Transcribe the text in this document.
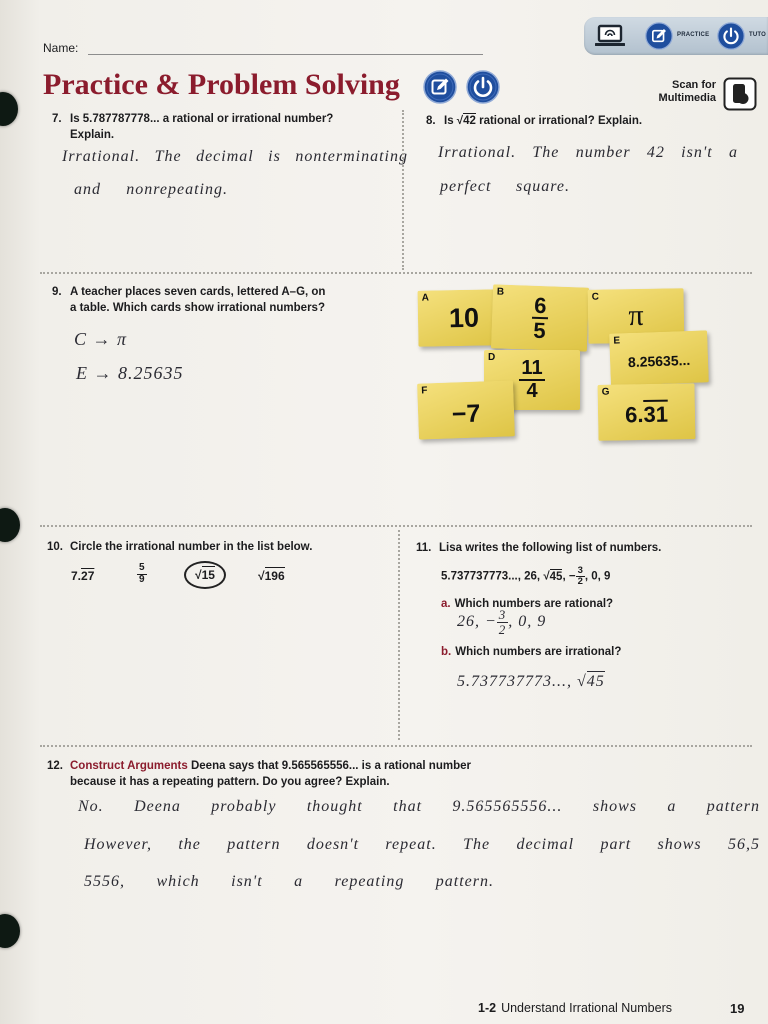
Name:
PRACTICE	TUTO
Practice & Problem Solving	Scan for
Multimedia
7. Is 5.787787778... a rational or irrational number?
Explain.
Irrational. The decimal is nonterminating
and nonrepeating.
8. Is √42 rational or irrational? Explain.
Irrational. The number 42 isn't a
perfect square.
9. A teacher places seven cards, lettered A–G, on
a table. Which cards show irrational numbers?
C → π
E → 8.25635
A
10
B
$\frac{6}{5}$	C
π
D
$\frac{11}{4}$
E
8.25635...
F
−7
G
6. 31
10. Circle the irrational number in the list below.
7.27	$\frac{5}{9}$	√15	√196
11. Lisa writes the following list of numbers.
5.737737773..., 26, √45, − $\frac{3}{2}$ , 0, 9
a. Which numbers are rational?
26, − $\frac{3}{2}$ , 0, 9
b. Which numbers are irrational?
5.737737773..., √45
12. Construct Arguments Deena says that 9.565565556... is a rational number
because it has a repeating pattern. Do you agree? Explain.
No. Deena probably thought that 9.565565556... shows a pattern
However, the pattern doesn't repeat. The decimal part shows 56,5
5556, which isn't a repeating pattern.
1-2 Understand Irrational Numbers	19
